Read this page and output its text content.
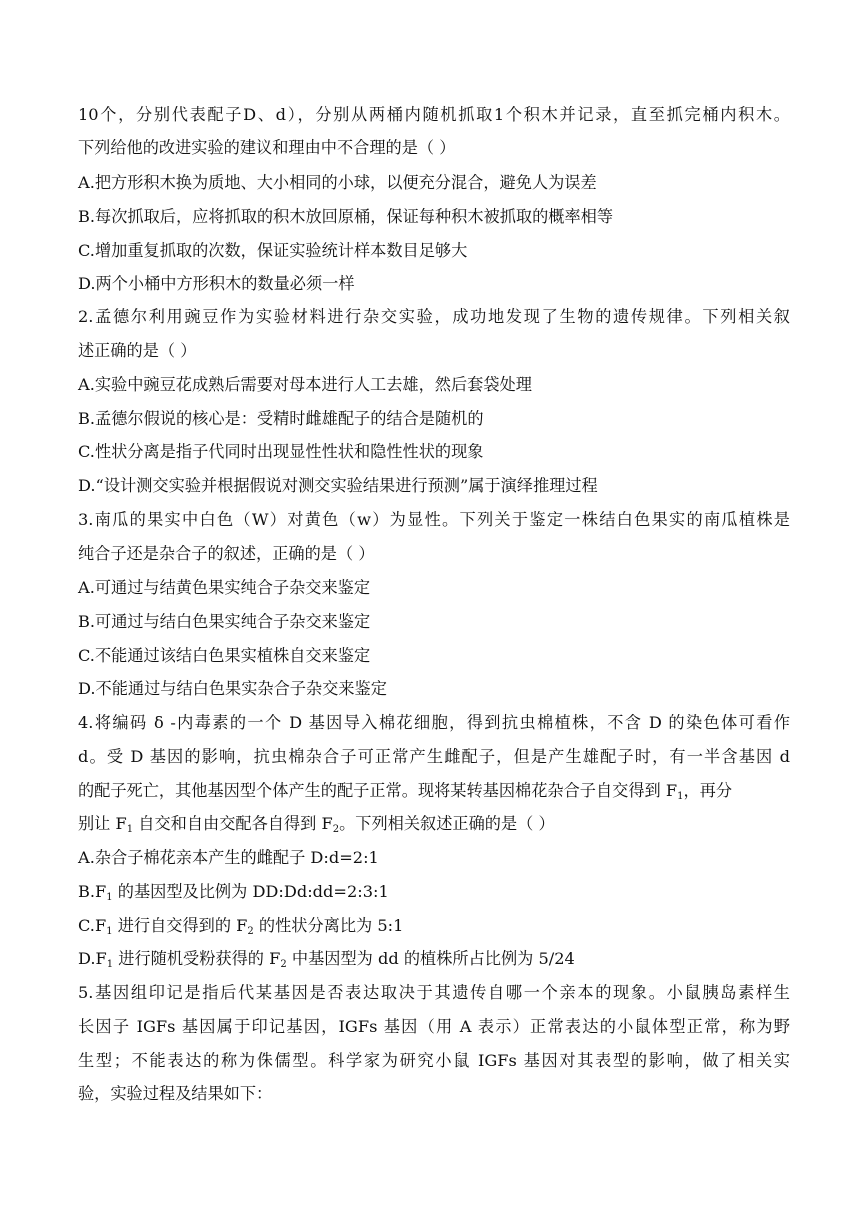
10个，分别代表配子D、d），分别从两桶内随机抓取1个积木并记录，直至抓完桶内积木。
下列给他的改进实验的建议和理由中不合理的是（ ）
A.把方形积木换为质地、大小相同的小球，以便充分混合，避免人为误差
B.每次抓取后，应将抓取的积木放回原桶，保证每种积木被抓取的概率相等
C.增加重复抓取的次数，保证实验统计样本数目足够大
D.两个小桶中方形积木的数量必须一样
2.孟德尔利用豌豆作为实验材料进行杂交实验，成功地发现了生物的遗传规律。下列相关叙
述正确的是（ ）
A.实验中豌豆花成熟后需要对母本进行人工去雄，然后套袋处理
B.孟德尔假说的核心是：受精时雌雄配子的结合是随机的
C.性状分离是指子代同时出现显性性状和隐性性状的现象
D.“设计测交实验并根据假说对测交实验结果进行预测”属于演绎推理过程
3.南瓜的果实中白色（W）对黄色（w）为显性。下列关于鉴定一株结白色果实的南瓜植株是
纯合子还是杂合子的叙述，正确的是（ ）
A.可通过与结黄色果实纯合子杂交来鉴定
B.可通过与结白色果实纯合子杂交来鉴定
C.不能通过该结白色果实植株自交来鉴定
D.不能通过与结白色果实杂合子杂交来鉴定
4.将编码 δ -内毒素的一个 D 基因导入棉花细胞，得到抗虫棉植株，不含 D 的染色体可看作
d。受 D 基因的影响，抗虫棉杂合子可正常产生雌配子，但是产生雄配子时，有一半含基因 d
的配子死亡，其他基因型个体产生的配子正常。现将某转基因棉花杂合子自交得到 $F_1$，再分
别让 $F_1$ 自交和自由交配各自得到 $F_2$。下列相关叙述正确的是（ ）
A.杂合子棉花亲本产生的雌配子 D:d=2:1
$B.F_1$ 的基因型及比例为 DD:Dd:dd=2:3:1
$C.F_1$ 进行自交得到的 $F_2$ 的性状分离比为 5:1
$D.F_1$ 进行随机受粉获得的 $F_2$ 中基因型为 dd 的植株所占比例为 5/24
5.基因组印记是指后代某基因是否表达取决于其遗传自哪一个亲本的现象。小鼠胰岛素样生
长因子 IGFs 基因属于印记基因，IGFs 基因（用 A 表示）正常表达的小鼠体型正常，称为野
生型；不能表达的称为侏儒型。科学家为研究小鼠 IGFs 基因对其表型的影响，做了相关实
验，实验过程及结果如下：
